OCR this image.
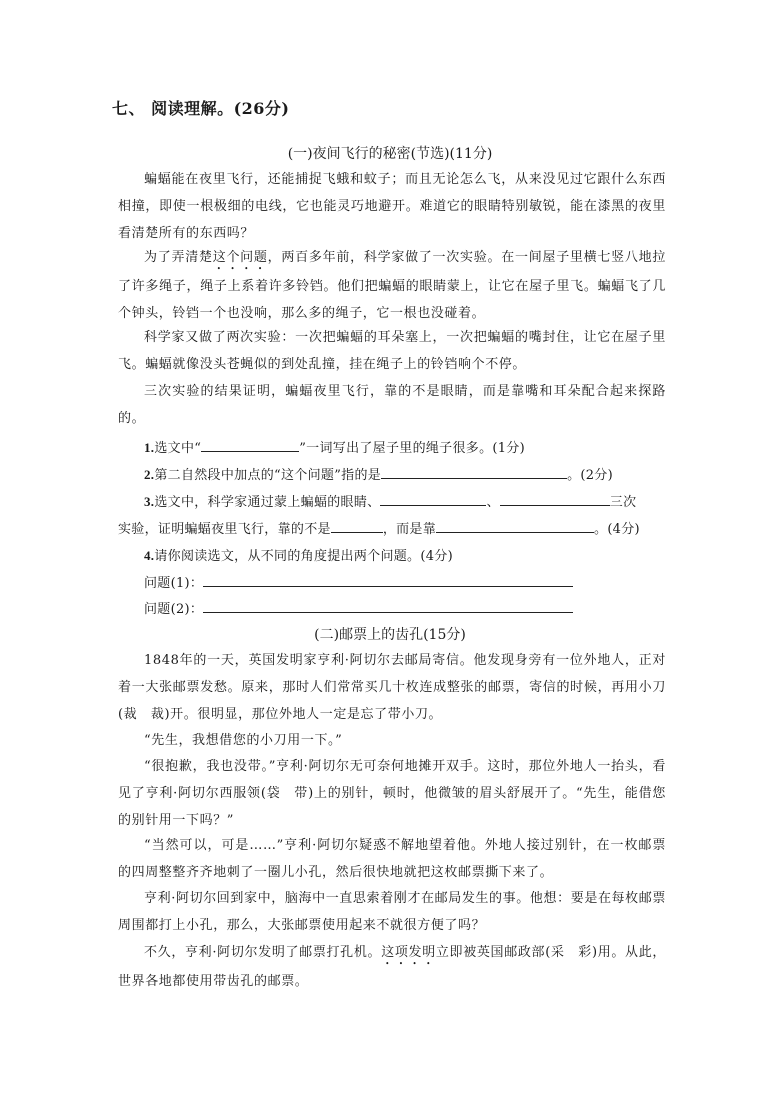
七、 阅读理解。(26分)
(一)夜间飞行的秘密(节选)(11分)

蝙蝠能在夜里飞行，还能捕捉飞蛾和蚊子；而且无论怎么飞，从来没见过它跟什么东西相撞，即使一根极细的电线，它也能灵巧地避开。难道它的眼睛特别敏锐，能在漆黑的夜里看清楚所有的东西吗？

为了弄清楚这个问题，两百多年前，科学家做了一次实验。在一间屋子里横七竖八地拉了许多绳子，绳子上系着许多铃铛。他们把蝙蝠的眼睛蒙上，让它在屋子里飞。蝙蝠飞了几个钟头，铃铛一个也没响，那么多的绳子，它一根也没碰着。

科学家又做了两次实验：一次把蝙蝠的耳朵塞上，一次把蝙蝠的嘴封住，让它在屋子里飞。蝙蝠就像没头苍蝇似的到处乱撞，挂在绳子上的铃铛响个不停。

三次实验的结果证明，蝙蝠夜里飞行，靠的不是眼睛，而是靠嘴和耳朵配合起来探路的。

1.选文中“	”一词写出了屋子里的绳子很多。(1分)
2.第二自然段中加点的“这个问题”指的是	。(2分)
3.选文中，科学家通过蒙上蝙蝠的眼睛、	、	三次
实验，证明蝙蝠夜里飞行，靠的不是	，而是靠	。(4分)
4.请你阅读选文，从不同的角度提出两个问题。(4分)
问题(1)：
问题(2)：
(二)邮票上的齿孔(15分)

1848年的一天，英国发明家亨利·阿切尔去邮局寄信。他发现身旁有一位外地人，正对着一大张邮票发愁。原来，那时人们常常买几十枚连成整张的邮票，寄信的时候，再用小刀(裁　裁)开。很明显，那位外地人一定是忘了带小刀。

“先生，我想借您的小刀用一下。”

“很抱歉，我也没带。”亨利·阿切尔无可奈何地摊开双手。这时，那位外地人一抬头，看见了亨利·阿切尔西服领(袋　带)上的别针，顿时，他微皱的眉头舒展开了。“先生，能借您的别针用一下吗？”

“当然可以，可是……”亨利·阿切尔疑惑不解地望着他。外地人接过别针，在一枚邮票的四周整整齐齐地刺了一圈儿小孔，然后很快地就把这枚邮票撕下来了。

亨利·阿切尔回到家中，脑海中一直思索着刚才在邮局发生的事。他想：要是在每枚邮票周围都打上小孔，那么，大张邮票使用起来不就很方便了吗？

不久，亨利·阿切尔发明了邮票打孔机。这项发明立即被英国邮政部(采　彩)用。从此，世界各地都使用带齿孔的邮票。
